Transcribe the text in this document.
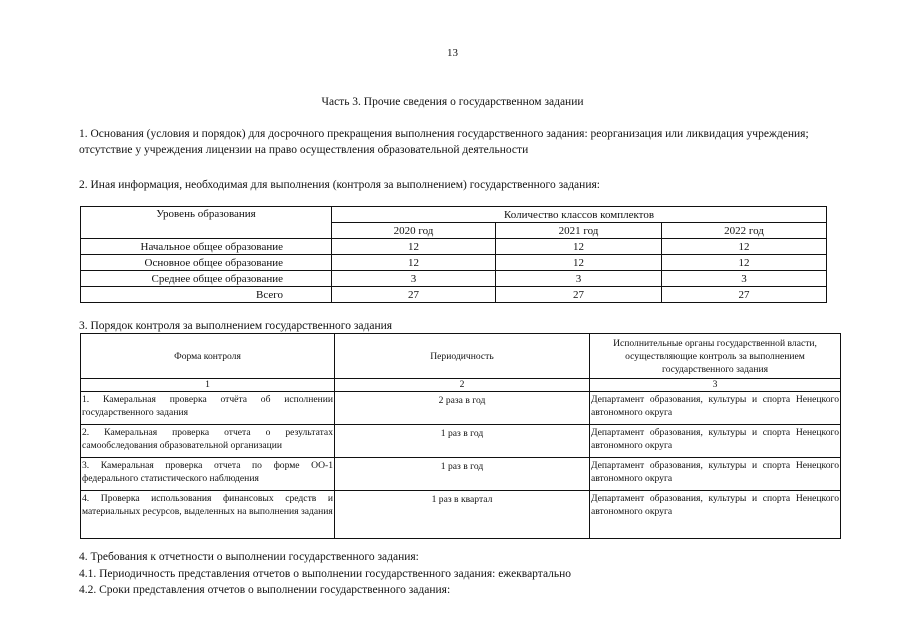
13
Часть 3. Прочие сведения о государственном задании
1. Основания (условия и порядок) для досрочного прекращения выполнения государственного задания: реорганизация или ликвидация учреждения; отсутствие у учреждения лицензии на право осуществления образовательной деятельности
2. Иная информация, необходимая для выполнения (контроля за выполнением) государственного задания:
Уровень образования	Количество классов комплектов		
	2020 год	2021 год	2022 год
Начальное общее образование	12	12	12
Основное общее образование	12	12	12
Среднее общее образование	3	3	3
Всего	27	27	27
3. Порядок контроля за выполнением государственного задания
Форма контроля	Периодичность	Исполнительные органы государственной власти, осуществляющие контроль за выполнением государственного задания
1	2	3
1. Камеральная проверка отчёта об исполнении государственного задания	2 раза в год	Департамент образования, культуры и спорта Ненецкого автономного округа
2. Камеральная проверка отчета о результатах самообследования образовательной организации	1 раз в год	Департамент образования, культуры и спорта Ненецкого автономного округа
3. Камеральная проверка отчета по форме ОО-1 федерального статистического наблюдения	1 раз в год	Департамент образования, культуры и спорта Ненецкого автономного округа
4. Проверка использования финансовых средств и материальных ресурсов, выделенных на выполнения задания	1 раз в квартал	Департамент образования, культуры и спорта Ненецкого автономного округа
4. Требования к отчетности о выполнении государственного задания:
4.1. Периодичность представления отчетов о выполнении государственного задания: ежеквартально
4.2. Сроки представления отчетов о выполнении государственного задания:
